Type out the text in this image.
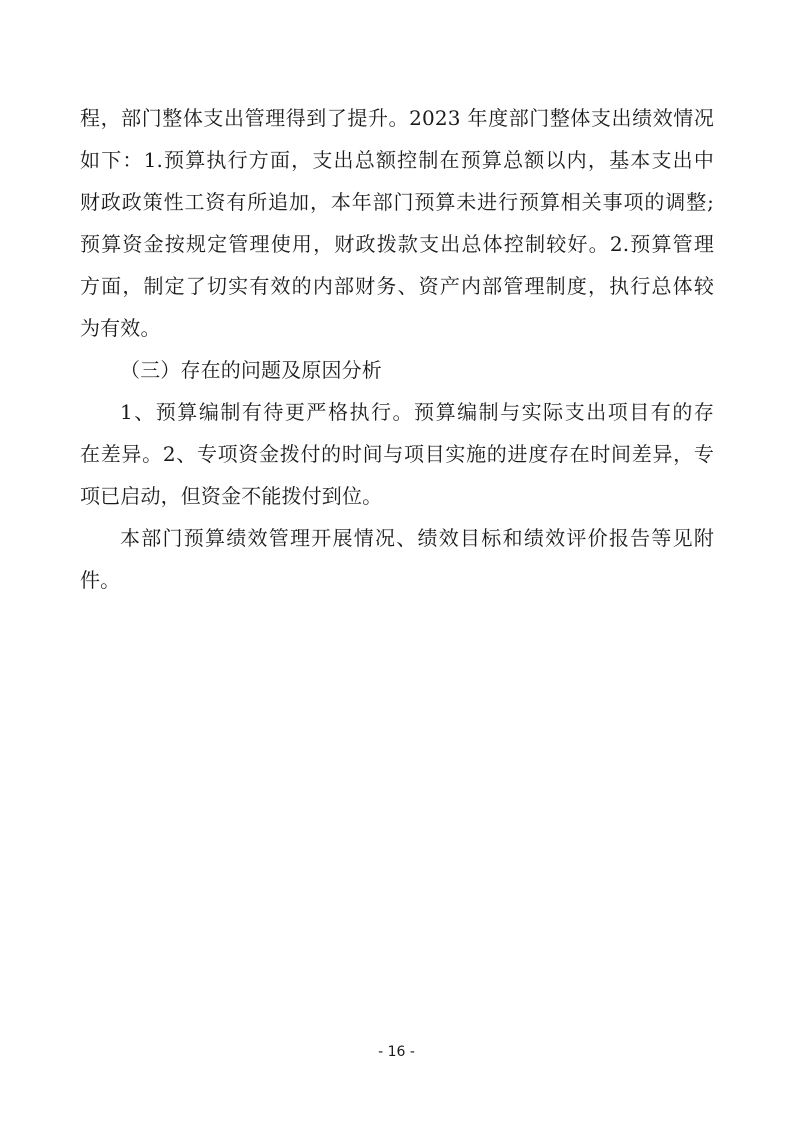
程，部门整体支出管理得到了提升。2023 年度部门整体支出绩效情况
如下：1.预算执行方面，支出总额控制在预算总额以内，基本支出中
财政政策性工资有所追加，本年部门预算未进行预算相关事项的调整;
预算资金按规定管理使用，财政拨款支出总体控制较好。2.预算管理
方面，制定了切实有效的内部财务、资产内部管理制度，执行总体较
为有效。
（三）存在的问题及原因分析
1、预算编制有待更严格执行。预算编制与实际支出项目有的存
在差异。2、专项资金拨付的时间与项目实施的进度存在时间差异，专
项已启动，但资金不能拨付到位。
本部门预算绩效管理开展情况、绩效目标和绩效评价报告等见附
件。
- 16 -
